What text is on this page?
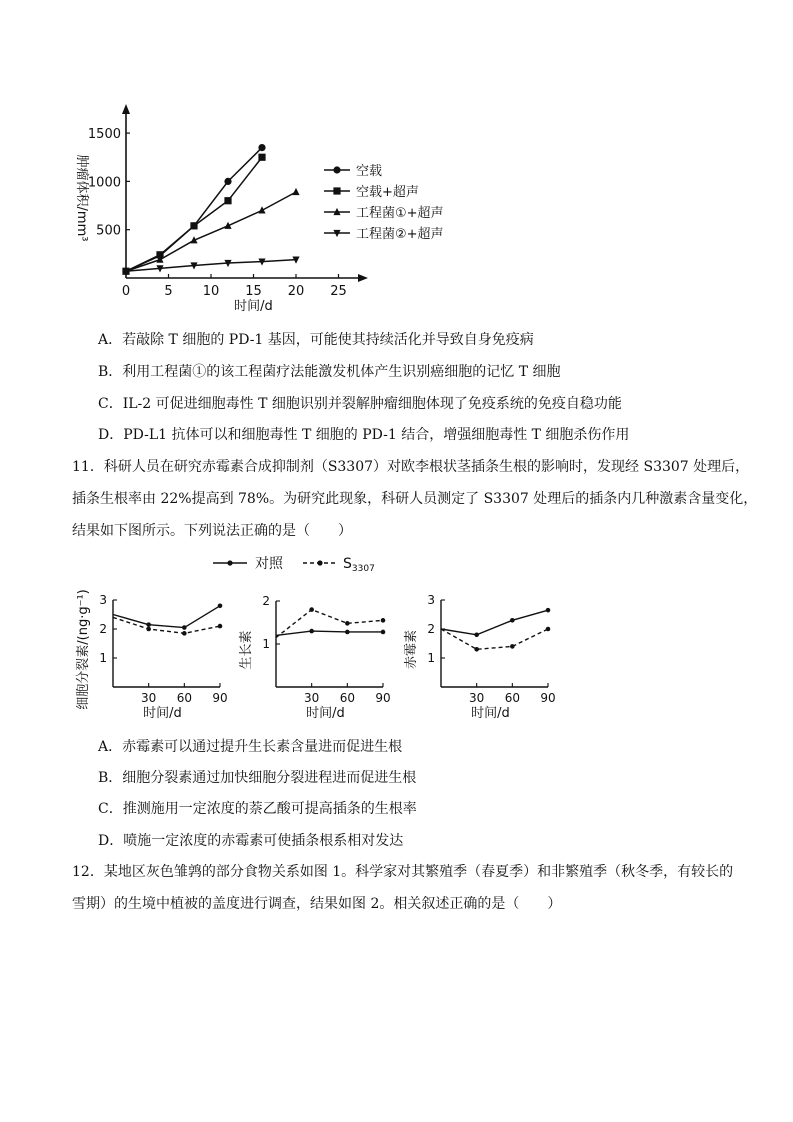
0	5 10 15 20 25
500
1000
1500
时间/d
肿瘤体积/mm³	空载
空载+超声
工程菌①+超声
工程菌②+超声
A．若敲除 T 细胞的 PD-1 基因，可能使其持续活化并导致自身免疫病
B．利用工程菌①的该工程菌疗法能激发机体产生识别癌细胞的记忆 T 细胞
C．IL-2 可促进细胞毒性 T 细胞识别并裂解肿瘤细胞体现了免疫系统的免疫自稳功能
D．PD-L1 抗体可以和细胞毒性 T 细胞的 PD-1 结合，增强细胞毒性 T 细胞杀伤作用
11．科研人员在研究赤霉素合成抑制剂（S3307）对欧李根状茎插条生根的影响时，发现经 S3307 处理后，
插条生根率由 22%提高到 78%。为研究此现象，科研人员测定了 S3307 处理后的插条内几种激素含量变化，
结果如下图所示。下列说法正确的是（　　）
对照	$S_{3307}$
30 60 90
1
2
3
时间/d
细胞分裂素/(ng·g⁻¹)	30 60 90
1
2
时间/d
生长素
30 60 90
1
2
3
时间/d
赤霉素
A．赤霉素可以通过提升生长素含量进而促进生根
B．细胞分裂素通过加快细胞分裂进程进而促进生根
C．推测施用一定浓度的萘乙酸可提高插条的生根率
D．喷施一定浓度的赤霉素可使插条根系相对发达
12．某地区灰色雏鹑的部分食物关系如图 1。科学家对其繁殖季（春夏季）和非繁殖季（秋冬季，有较长的
雪期）的生境中植被的盖度进行调查，结果如图 2。相关叙述正确的是（　　）
